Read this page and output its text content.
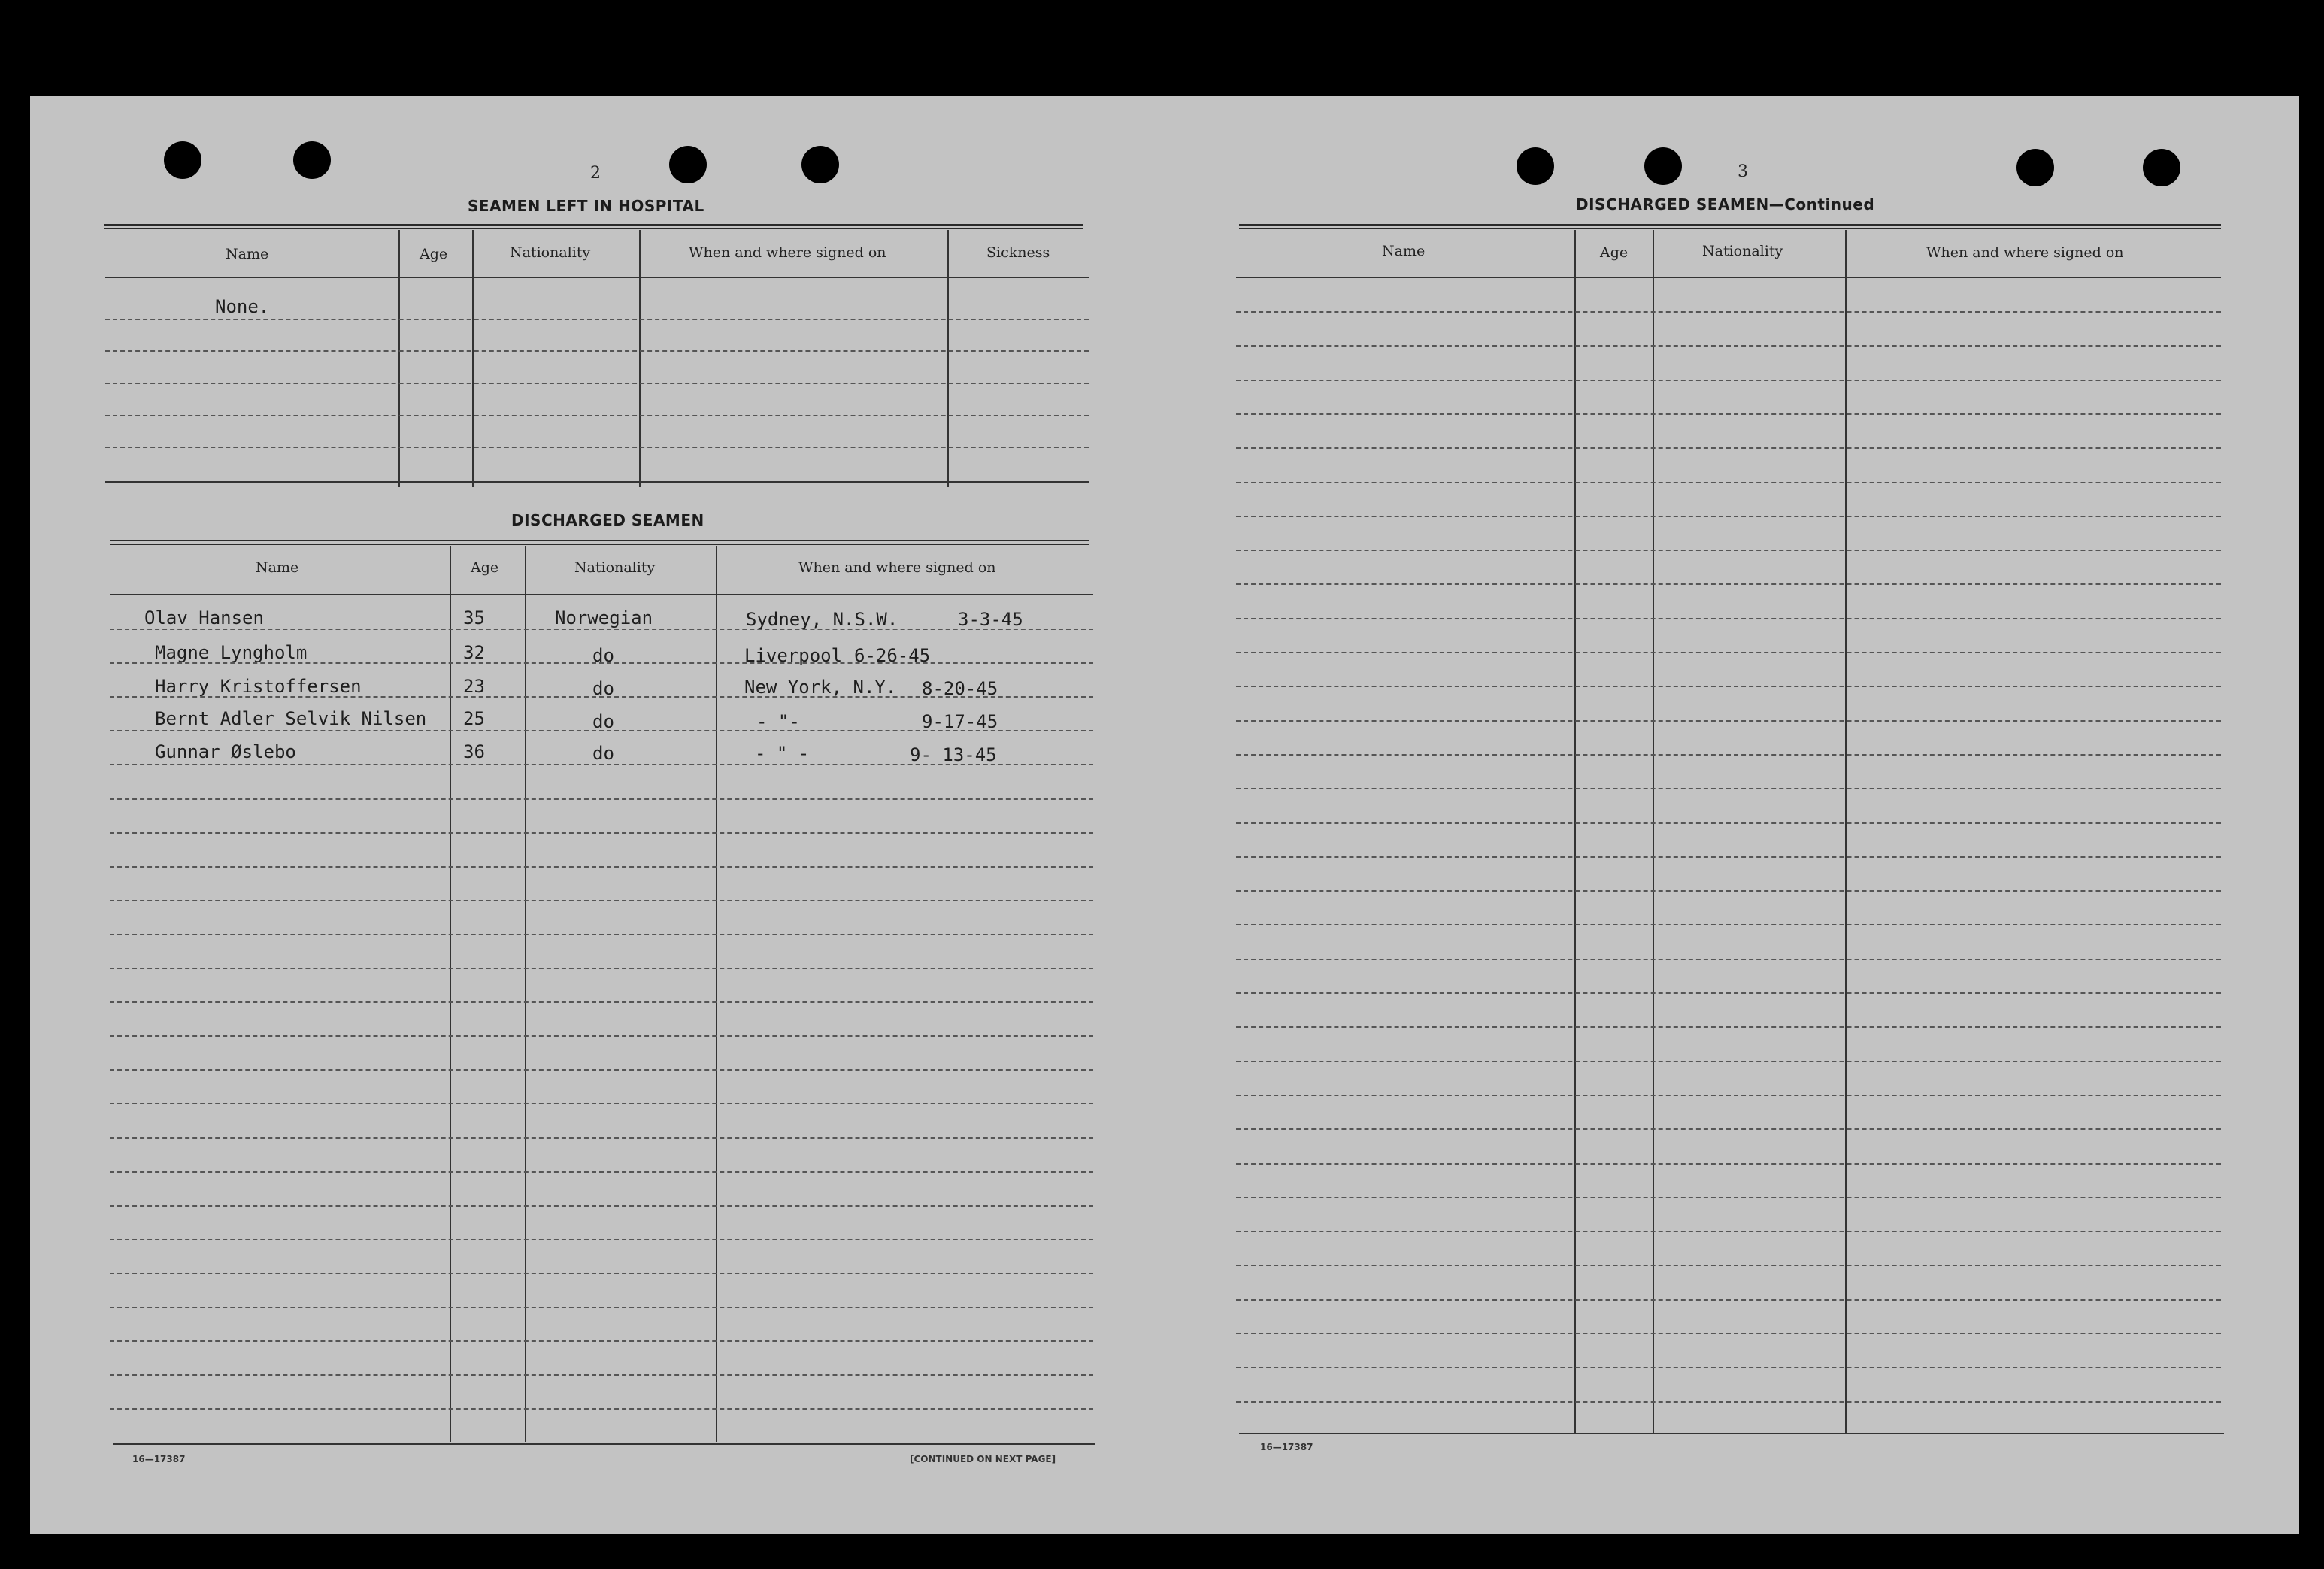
2
SEAMEN LEFT IN HOSPITAL
Name	Age	Nationality	When and where signed on	Sickness
None.
DISCHARGED SEAMEN
Name	Age	Nationality	When and where signed on
Olav Hansen	35	Norwegian	Sydney, N.S.W.	3-3-45
Magne Lyngholm	32	do	Liverpool 6-26-45
Harry Kristoffersen	23	do	New York, N.Y. 8-20-45
Bernt Adler Selvik Nilsen 25	do	- "-	9-17-45
Gunnar Øslebo	36	do	- " -	9- 13-45
16—17387	[CONTINUED ON NEXT PAGE]
3
DISCHARGED SEAMEN—Continued
Name	Age	Nationality	When and where signed on
16—17387
